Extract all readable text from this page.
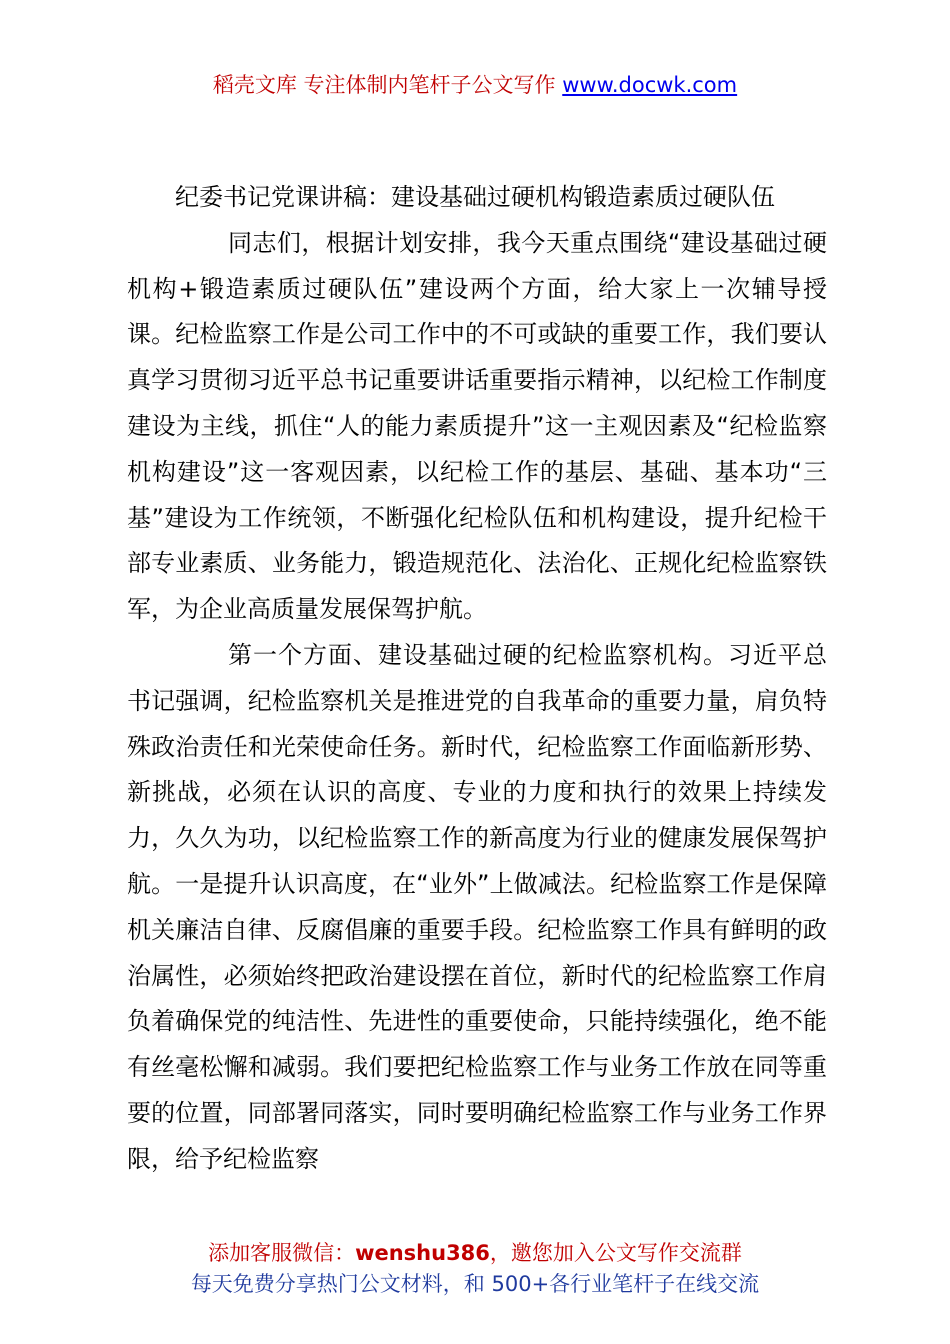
稻壳文库 专注体制内笔杆子公文写作 www.docwk.com
纪委书记党课讲稿：建设基础过硬机构锻造素质过硬队伍

同志们，根据计划安排，我今天重点围绕“建设基础过硬机构+锻造素质过硬队伍”建设两个方面，给大家上一次辅导授课。纪检监察工作是公司工作中的不可或缺的重要工作，我们要认真学习贯彻习近平总书记重要讲话重要指示精神，以纪检工作制度建设为主线，抓住“人的能力素质提升”这一主观因素及“纪检监察机构建设”这一客观因素，以纪检工作的基层、基础、基本功“三基”建设为工作统领，不断强化纪检队伍和机构建设，提升纪检干部专业素质、业务能力，锻造规范化、法治化、正规化纪检监察铁军，为企业高质量发展保驾护航。

第一个方面、建设基础过硬的纪检监察机构。习近平总书记强调，纪检监察机关是推进党的自我革命的重要力量，肩负特殊政治责任和光荣使命任务。新时代，纪检监察工作面临新形势、新挑战，必须在认识的高度、专业的力度和执行的效果上持续发力，久久为功，以纪检监察工作的新高度为行业的健康发展保驾护航。一是提升认识高度，在“业外”上做减法。纪检监察工作是保障机关廉洁自律、反腐倡廉的重要手段。纪检监察工作具有鲜明的政治属性，必须始终把政治建设摆在首位，新时代的纪检监察工作肩负着确保党的纯洁性、先进性的重要使命，只能持续强化，绝不能有丝毫松懈和减弱。我们要把纪检监察工作与业务工作放在同等重要的位置，同部署同落实，同时要明确纪检监察工作与业务工作界限，给予纪检监察

添加客服微信：wenshu386，邀您加入公文写作交流群
每天免费分享热门公文材料，和 500+各行业笔杆子在线交流
